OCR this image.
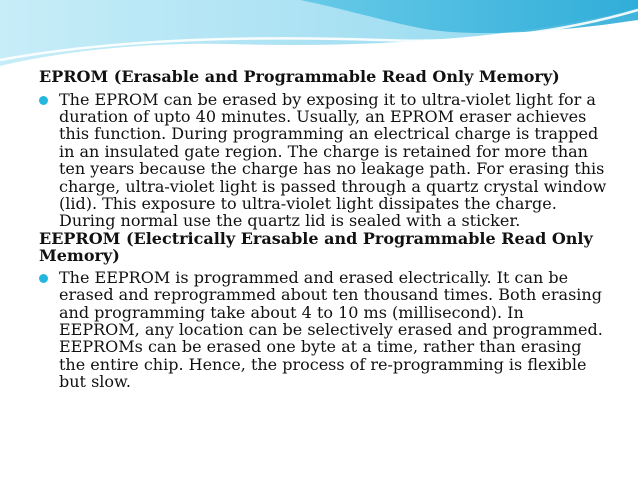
EPROM (Erasable and Programmable Read Only Memory)

The EPROM can be erased by exposing it to ultra-violet light for a duration of upto 40 minutes. Usually, an EPROM eraser achieves this function. During programming an electrical charge is trapped in an insulated gate region. The charge is retained for more than ten years because the charge has no leakage path. For erasing this charge, ultra-violet light is passed through a quartz crystal window (lid). This exposure to ultra-violet light dissipates the charge. During normal use the quartz lid is sealed with a sticker.

EEPROM (Electrically Erasable and Programmable Read Only Memory)

The EEPROM is programmed and erased electrically. It can be erased and reprogrammed about ten thousand times. Both erasing and programming take about 4 to 10 ms (millisecond). In EEPROM, any location can be selectively erased and programmed. EEPROMs can be erased one byte at a time, rather than erasing the entire chip. Hence, the process of re-programming is flexible but slow.
